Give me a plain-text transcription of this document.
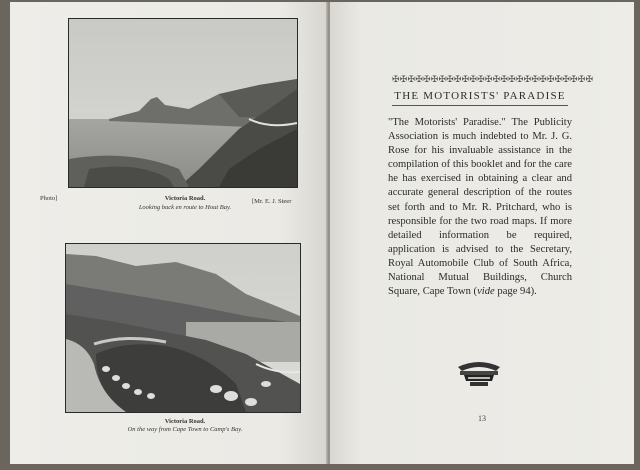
Photo]	Victoria Road.	[Mr. E. J. Steer
Looking back en route to Hout Bay.
Victoria Road.
On the way from Cape Town to Camp's Bay.
✠✠✠✠✠✠✠✠✠✠✠✠✠✠✠✠✠✠✠✠✠✠✠✠✠✠
THE MOTORISTS' PARADISE
"The Motorists' Paradise." The Publicity Association is much indebted to Mr. J. G. Rose for his invaluable assistance in the compilation of this booklet and for the care he has exercised in obtaining a clear and accurate general description of the routes set forth and to Mr. R. Pritchard, who is responsible for the two road maps. If more detailed information be required, application is advised to the Secretary, Royal Automobile Club of South Africa, National Mutual Buildings, Church Square, Cape Town (vide page 94).
13
